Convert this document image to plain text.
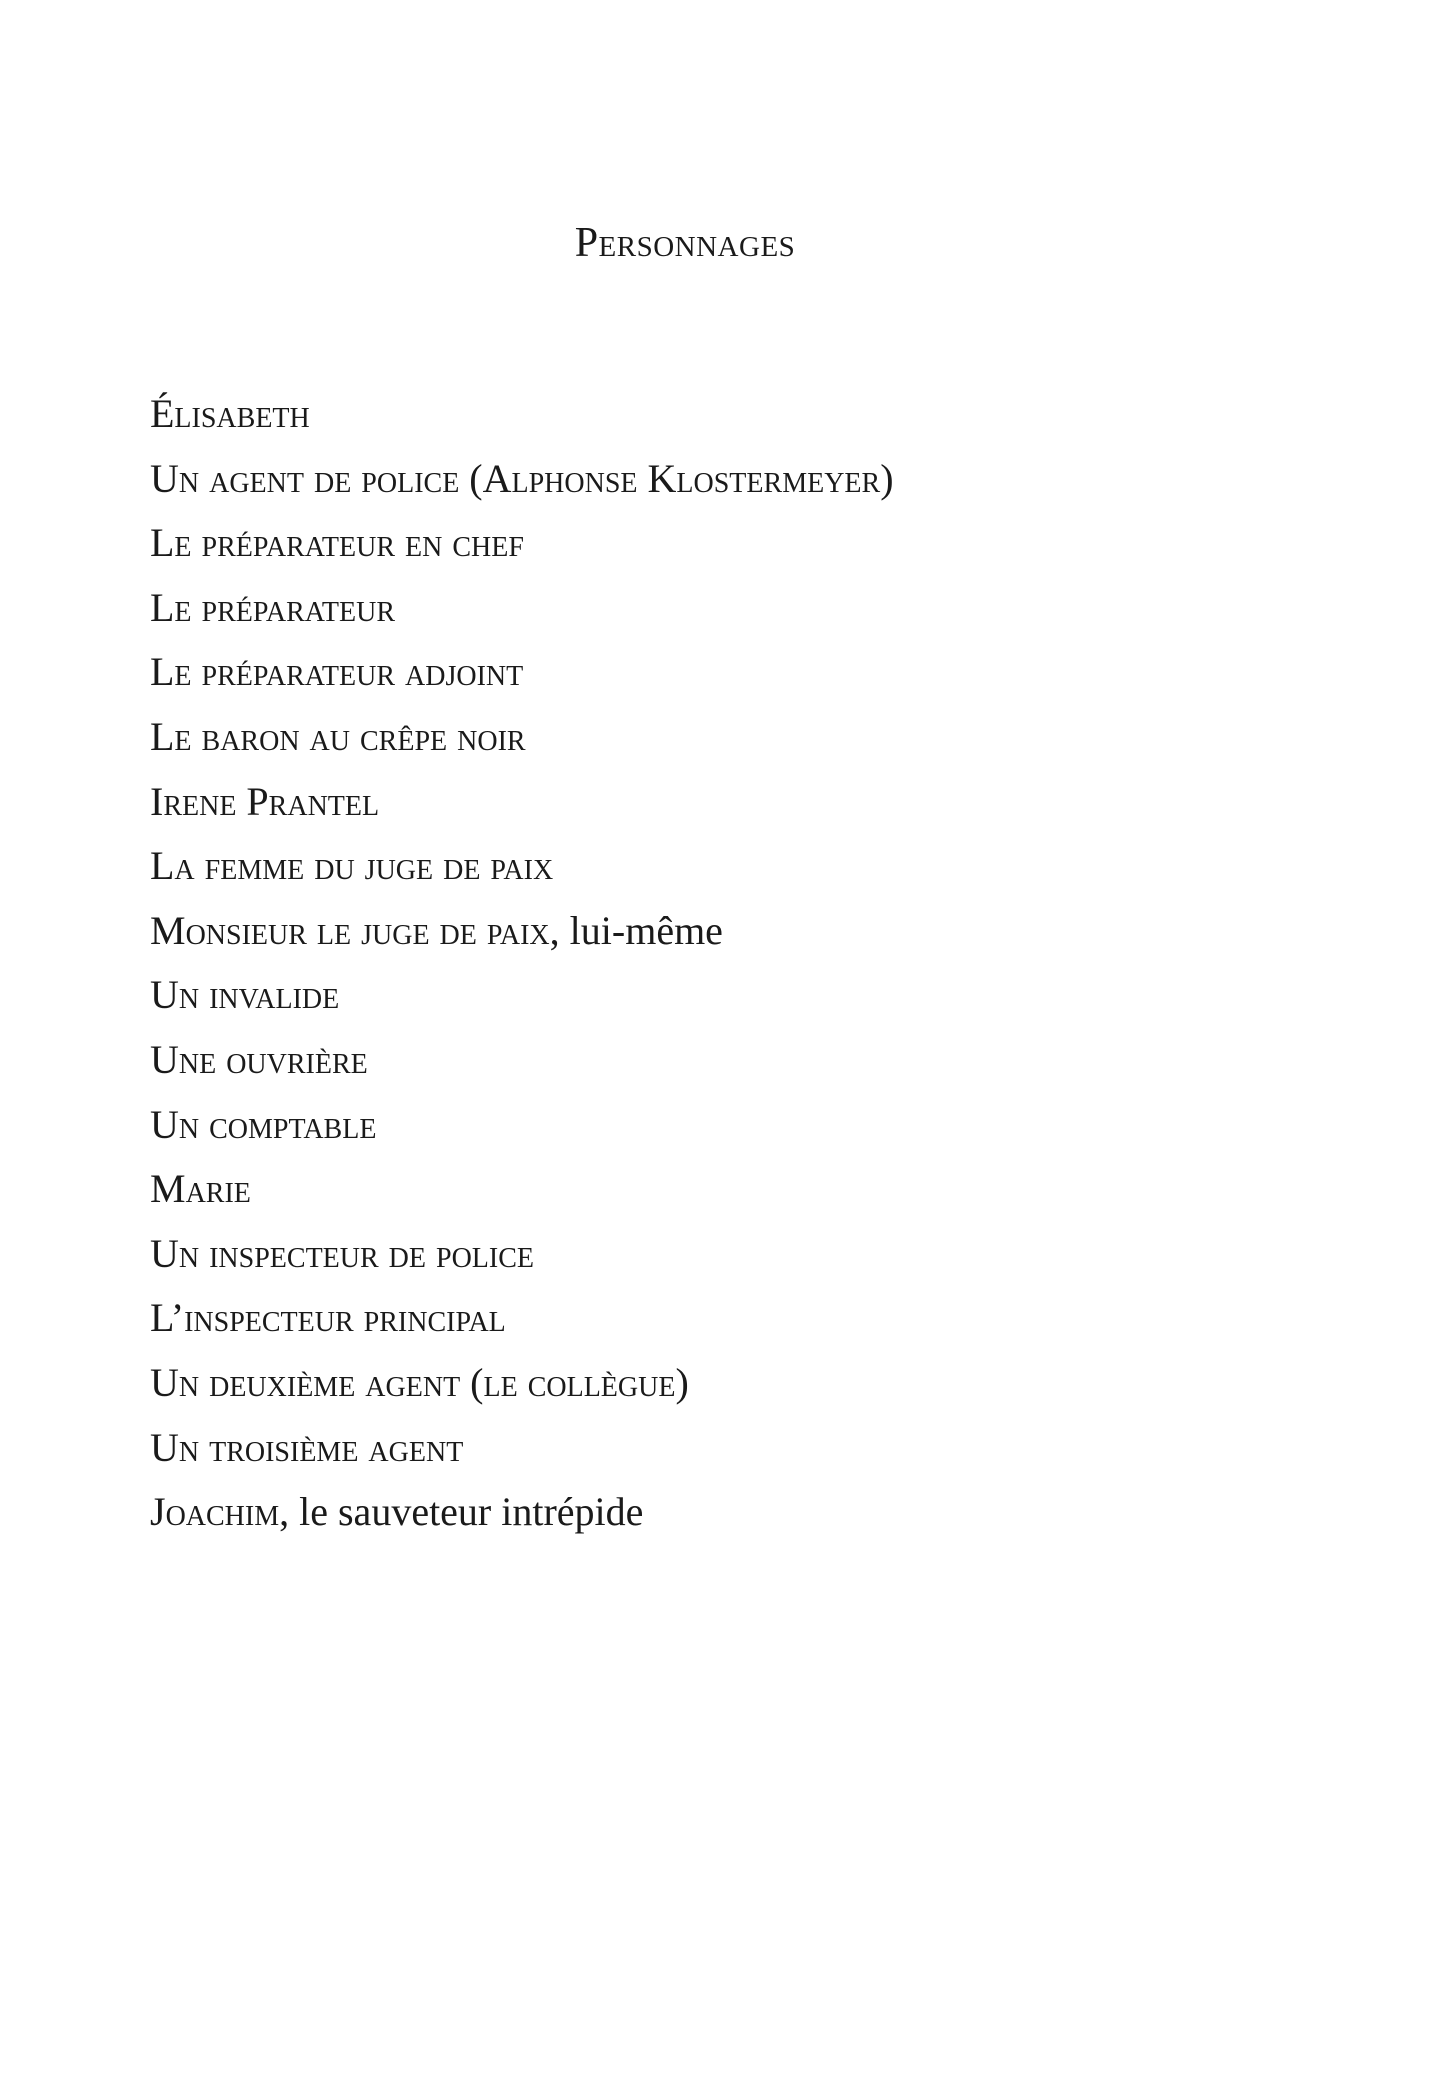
Personnages
Élisabeth
Un agent de police (Alphonse Klostermeyer)
Le préparateur en chef
Le préparateur
Le préparateur adjoint
Le baron au crêpe noir
Irene Prantel
La femme du juge de paix
Monsieur le juge de paix, lui-même
Un invalide
Une ouvrière
Un comptable
Marie
Un inspecteur de police
L’inspecteur principal
Un deuxième agent (le collègue)
Un troisième agent
Joachim, le sauveteur intrépide
